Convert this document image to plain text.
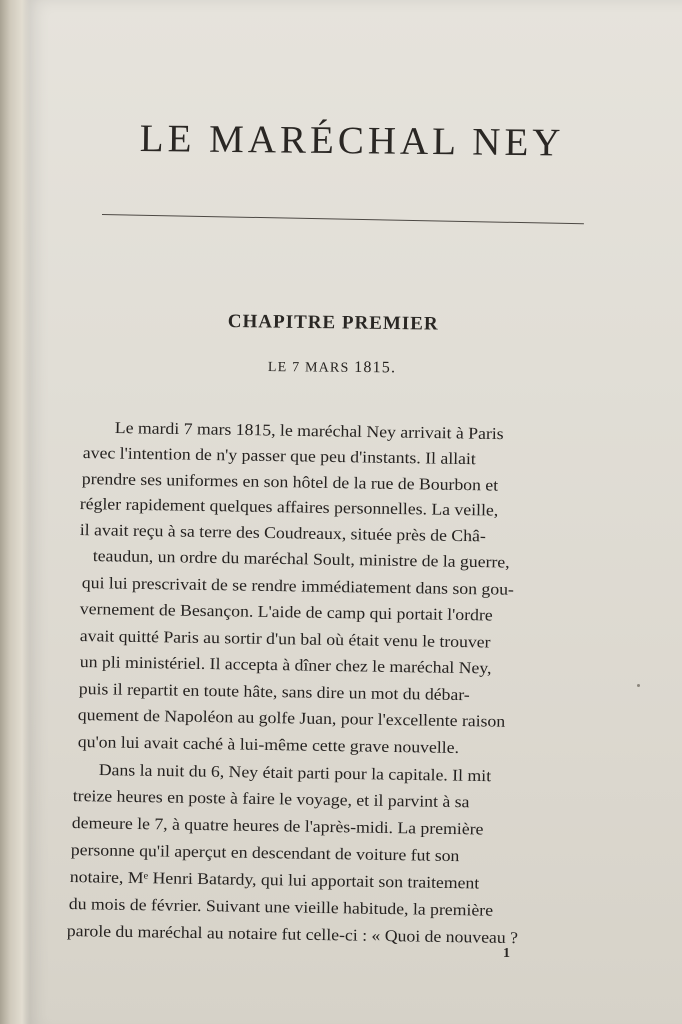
LE MARÉCHAL NEY
CHAPITRE PREMIER
LE 7 MARS 1815.
Le mardi 7 mars 1815, le maréchal Ney arrivait à Paris
avec l'intention de n'y passer que peu d'instants. Il allait
prendre ses uniformes en son hôtel de la rue de Bourbon et
régler rapidement quelques affaires personnelles. La veille,
il avait reçu à sa terre des Coudreaux, située près de Châ-
teaudun, un ordre du maréchal Soult, ministre de la guerre,
qui lui prescrivait de se rendre immédiatement dans son gou-
vernement de Besançon. L'aide de camp qui portait l'ordre
avait quitté Paris au sortir d'un bal où était venu le trouver
un pli ministériel. Il accepta à dîner chez le maréchal Ney,
puis il repartit en toute hâte, sans dire un mot du débar-
quement de Napoléon au golfe Juan, pour l'excellente raison
qu'on lui avait caché à lui-même cette grave nouvelle.
Dans la nuit du 6, Ney était parti pour la capitale. Il mit
treize heures en poste à faire le voyage, et il parvint à sa
demeure le 7, à quatre heures de l'après-midi. La première
personne qu'il aperçut en descendant de voiture fut son
notaire, Mᵉ Henri Batardy, qui lui apportait son traitement
du mois de février. Suivant une vieille habitude, la première
parole du maréchal au notaire fut celle-ci : « Quoi de nouveau ?
1
